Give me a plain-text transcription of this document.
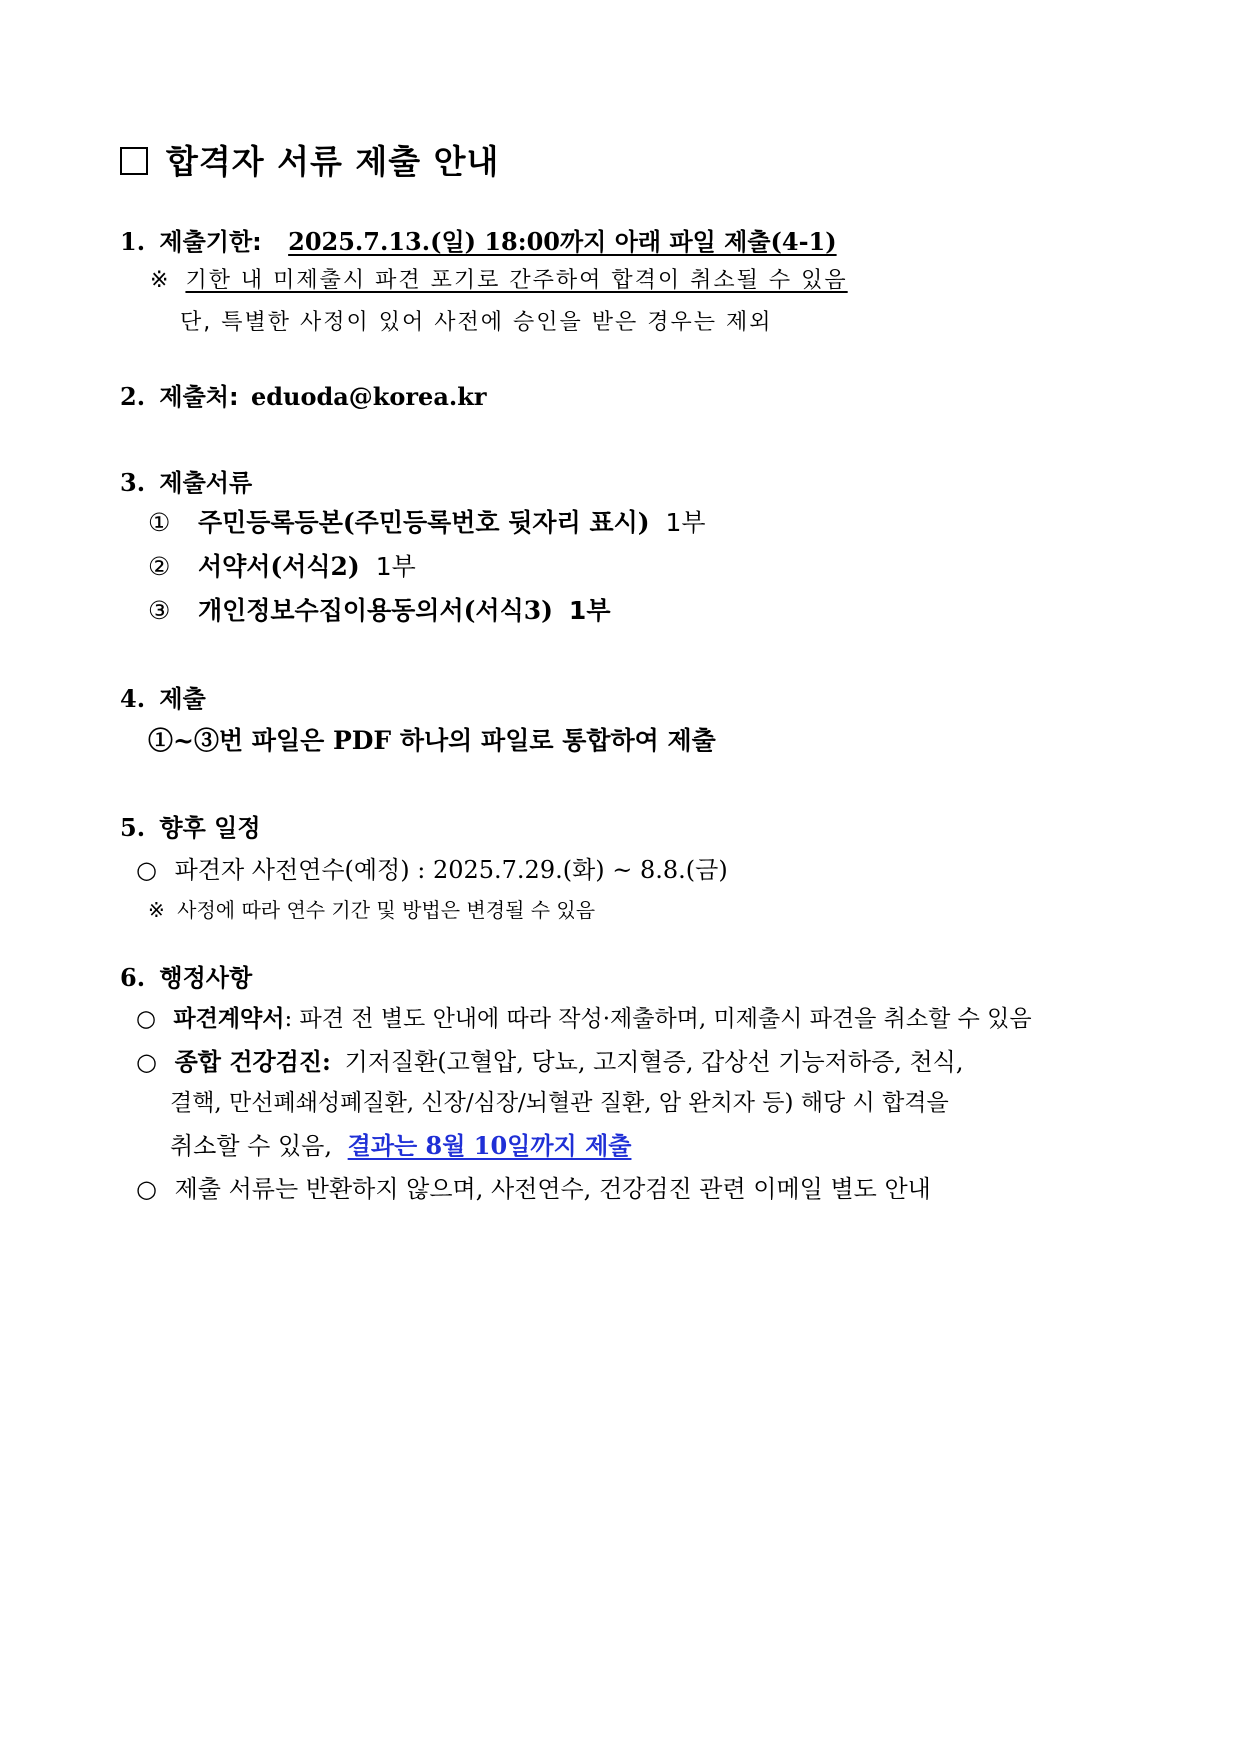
합격자 서류 제출 안내
1. 제출기한: 2025.7.13.(일) 18:00까지 아래 파일 제출(4-1)
※ 기한 내 미제출시 파견 포기로 간주하여 합격이 취소될 수 있음
단, 특별한 사정이 있어 사전에 승인을 받은 경우는 제외
2. 제출처: eduoda@korea.kr
3. 제출서류
① 주민등록등본(주민등록번호 뒷자리 표시) 1부
② 서약서(서식2) 1부
③ 개인정보수집이용동의서(서식3) 1부
4. 제출
①~③번 파일은 PDF 하나의 파일로 통합하여 제출
5. 향후 일정
○ 파견자 사전연수(예정) : 2025.7.29.(화) ~ 8.8.(금)
※ 사정에 따라 연수 기간 및 방법은 변경될 수 있음
6. 행정사항
○ 파견계약서: 파견 전 별도 안내에 따라 작성·제출하며, 미제출시 파견을 취소할 수 있음
○ 종합 건강검진: 기저질환(고혈압, 당뇨, 고지혈증, 갑상선 기능저하증, 천식,
결핵, 만선폐쇄성폐질환, 신장/심장/뇌혈관 질환, 암 완치자 등) 해당 시 합격을
취소할 수 있음, 결과는 8월 10일까지 제출
○ 제출 서류는 반환하지 않으며, 사전연수, 건강검진 관련 이메일 별도 안내
